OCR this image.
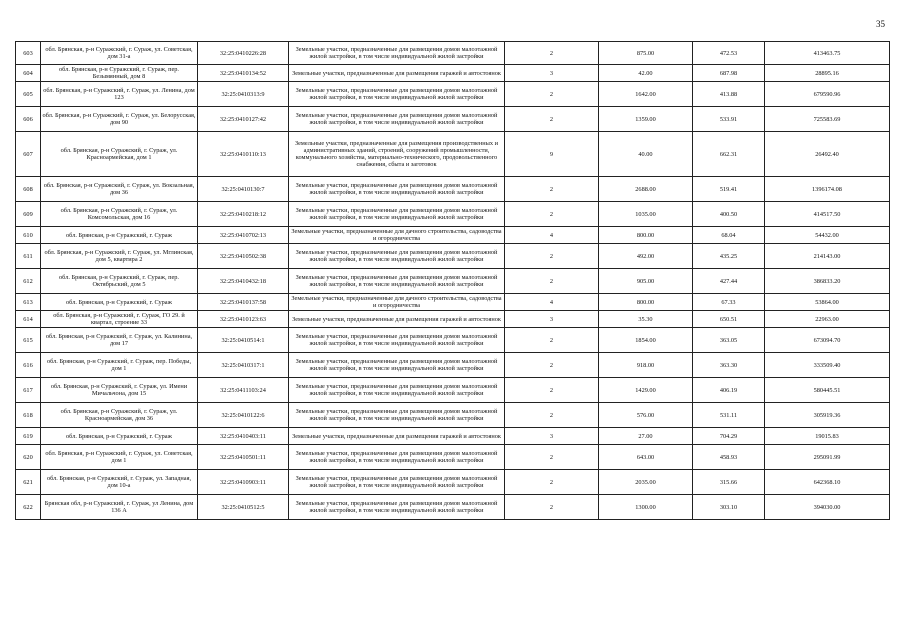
35
603	обл. Брянская, р-н Суражский, г. Сураж, ул. Советская, дом 31-а	32:25:0410226:28	Земельные участки, предназначенные для размещения домов малоэтажной жилой застройки, в том числе индивидуальной жилой застройки	2	875.00	472.53	413463.75
604	обл. Брянская, р-н Суражский, г. Сураж, пер. Безымянный, дом 8	32:25:0410134:52	Земельные участки, предназначенные для размещения гаражей и автостоянок	3	42.00	687.98	28895.16
605	обл. Брянская, р-н Суражский, г. Сураж, ул. Ленина, дом 123	32:25:0410313:9	Земельные участки, предназначенные для размещения домов малоэтажной жилой застройки, в том числе индивидуальной жилой застройки	2	1642.00	413.88	679590.96
606	обл. Брянская, р-н Суражский, г. Сураж, ул. Белорусская, дом 90	32:25:0410127:42	Земельные участки, предназначенные для размещения домов малоэтажной жилой застройки, в том числе индивидуальной жилой застройки	2	1359.00	533.91	725583.69
607	обл. Брянская, р-н Суражский, г. Сураж, ул. Красноармейская, дом 1	32:25:0410110:13	Земельные участки, предназначенные для размещения производственных и административных зданий, строений, сооружений промышленности, коммунального хозяйства, материально-технического, продовольственного снабжения, сбыта и заготовок	9	40.00	662.31	26492.40
608	обл. Брянская, р-н Суражский, г. Сураж, ул. Вокзальная, дом 36	32:25:0410130:7	Земельные участки, предназначенные для размещения домов малоэтажной жилой застройки, в том числе индивидуальной жилой застройки	2	2688.00	519.41	1396174.08
609	обл. Брянская, р-н Суражский, г. Сураж, ул. Комсомольская, дом 16	32:25:0410218:12	Земельные участки, предназначенные для размещения домов малоэтажной жилой застройки, в том числе индивидуальной жилой застройки	2	1035.00	400.50	414517.50
610	обл. Брянская, р-н Суражский, г. Сураж	32:25:0410702:13	Земельные участки, предназначенные для дачного строительства, садоводства и огородничества	4	800.00	68.04	54432.00
611	обл. Брянская, р-н Суражский, г. Сураж, ул. Мглинская, дом 5, квартира 2	32:25:0410502:38	Земельные участки, предназначенные для размещения домов малоэтажной жилой застройки, в том числе индивидуальной жилой застройки	2	492.00	435.25	214143.00
612	обл. Брянская, р-н Суражский, г. Сураж, пер. Октябрьский, дом 5	32:25:0410432:18	Земельные участки, предназначенные для размещения домов малоэтажной жилой застройки, в том числе индивидуальной жилой застройки	2	905.00	427.44	386833.20
613	обл. Брянская, р-н Суражский, г. Сураж	32:25:0410137:58	Земельные участки, предназначенные для дачного строительства, садоводства и огородничества	4	800.00	67.33	53864.00
614	обл. Брянская, р-н Суражский, г. Сураж, ГО 29. й квартал, строение 33	32:25:0410123:63	Земельные участки, предназначенные для размещения гаражей и автостоянок	3	35.30	650.51	22963.00
615	обл. Брянская, р-н Суражский, г. Сураж, ул. Калинина, дом 17	32:25:0410514:1	Земельные участки, предназначенные для размещения домов малоэтажной жилой застройки, в том числе индивидуальной жилой застройки	2	1854.00	363.05	673094.70
616	обл. Брянская, р-н Суражский, г. Сураж, пер. Победы, дом 1	32:25:0410317:1	Земельные участки, предназначенные для размещения домов малоэтажной жилой застройки, в том числе индивидуальной жилой застройки	2	918.00	363.30	333509.40
617	обл. Брянская, р-н Суражский, г. Сураж, ул. Имени Мичальчона, дом 15	32:25:0411103:24	Земельные участки, предназначенные для размещения домов малоэтажной жилой застройки, в том числе индивидуальной жилой застройки	2	1429.00	406.19	580445.51
618	обл. Брянская, р-н Суражский, г. Сураж, ул. Красноармейская, дом 36	32:25:0410122:6	Земельные участки, предназначенные для размещения домов малоэтажной жилой застройки, в том числе индивидуальной жилой застройки	2	576.00	531.11	305919.36
619	обл. Брянская, р-н Суражский, г. Сураж	32:25:0410403:11	Земельные участки, предназначенные для размещения гаражей и автостоянок	3	27.00	704.29	19015.83
620	обл. Брянская, р-н Суражский, г. Сураж, ул. Советская, дом 1	32:25:0410501:11	Земельные участки, предназначенные для размещения домов малоэтажной жилой застройки, в том числе индивидуальной жилой застройки	2	643.00	458.93	295091.99
621	обл. Брянская, р-н Суражский, г. Сураж, ул. Западная, дом 10-а	32:25:0410903:11	Земельные участки, предназначенные для размещения домов малоэтажной жилой застройки, в том числе индивидуальной жилой застройки	2	2035.00	315.66	642368.10
622	Брянская обл, р-н Суражский, г. Сураж, ул Ленина, дом 136 А	32:25:0410512:5	Земельные участки, предназначенные для размещения домов малоэтажной жилой застройки, в том числе индивидуальной жилой застройки	2	1300.00	303.10	394030.00
